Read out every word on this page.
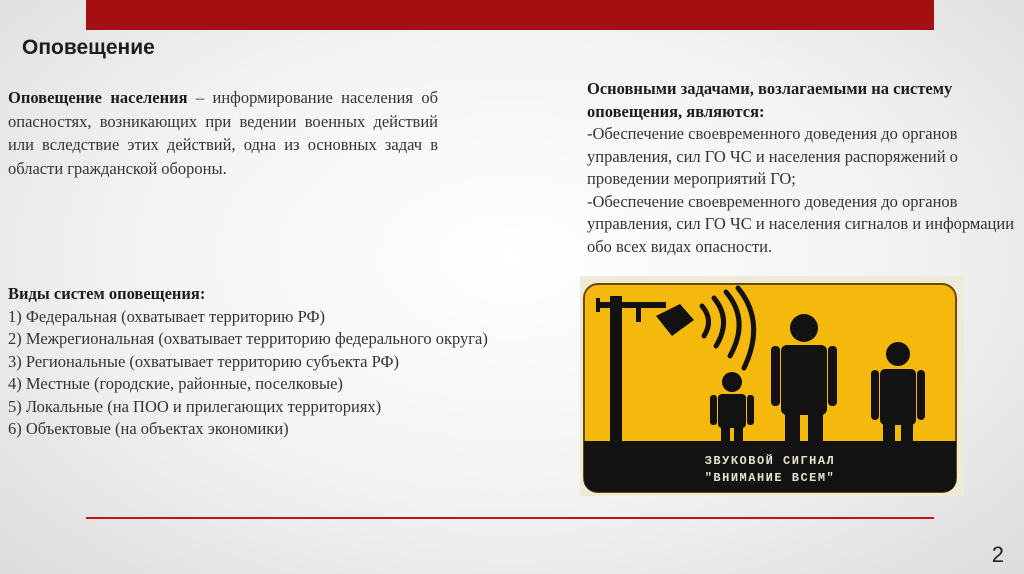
Оповещение
Оповещение населения – информирование населения об опасностях, возникающих при ведении военных действий или вследствие этих действий, одна из основных задач в области гражданской обороны.
Основными задачами, возлагаемыми на систему оповещения, являются:
-Обеспечение своевременного доведения до органов управления, сил ГО ЧС и населения распоряжений о проведении мероприятий ГО;
-Обеспечение своевременного доведения до органов управления, сил ГО ЧС и населения сигналов и информации обо всех видах опасности.
Виды систем оповещения:
1) Федеральная (охватывает территорию РФ)
2) Межрегиональная (охватывает территорию федерального округа)
3) Региональные (охватывает территорию субъекта РФ)
4) Местные (городские, районные, поселковые)
5) Локальные (на ПОО и прилегающих территориях)
6) Объектовые (на объектах экономики)
ЗВУКОВОЙ СИГНАЛ
"ВНИМАНИЕ ВСЕМ"
2
